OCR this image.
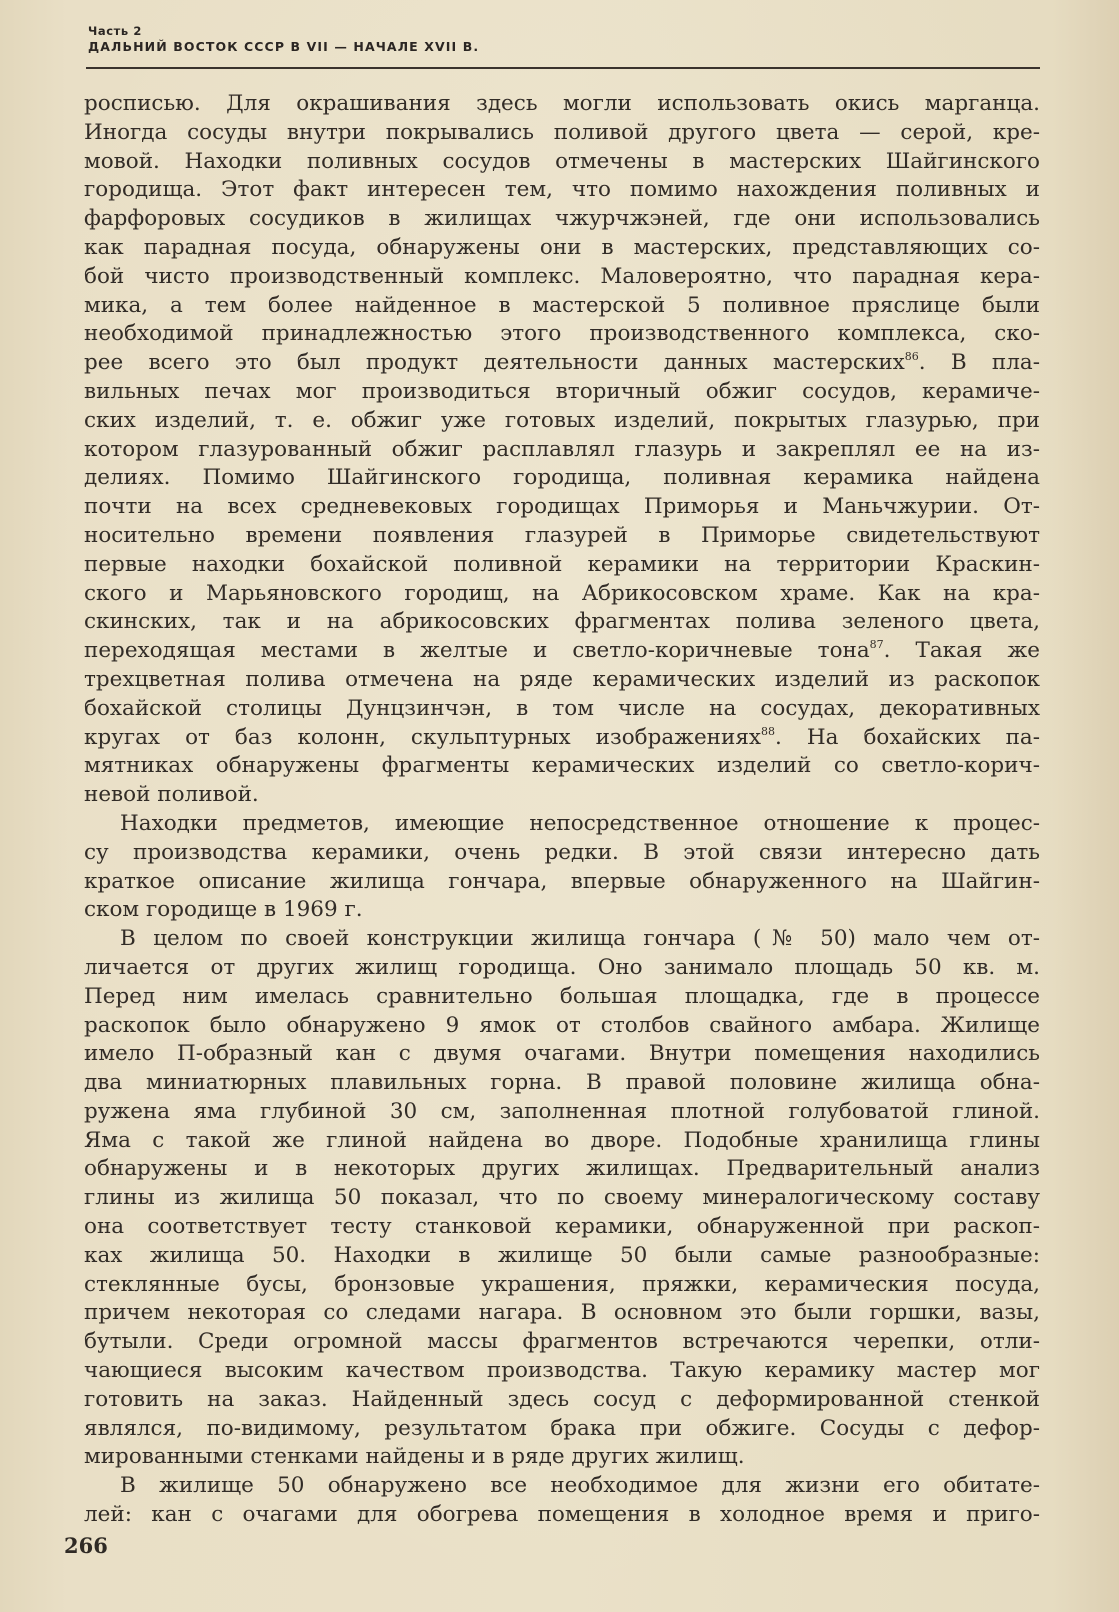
Часть 2
ДАЛЬНИЙ ВОСТОК СССР В VII — НАЧАЛЕ XVII В.
росписью. Для окрашивания здесь могли использовать окись марганца.
Иногда сосуды внутри покрывались поливой другого цвета — серой, кре-
мовой. Находки поливных сосудов отмечены в мастерских Шайгинского
городища. Этот факт интересен тем, что помимо нахождения поливных и
фарфоровых сосудиков в жилищах чжурчжэней, где они использовались
как парадная посуда, обнаружены они в мастерских, представляющих со-
бой чисто производственный комплекс. Маловероятно, что парадная кера-
мика, а тем более найденное в мастерской 5 поливное пряслице были
необходимой принадлежностью этого производственного комплекса, ско-
рее всего это был продукт деятельности данных мастерских$^{86}$. В пла-
вильных печах мог производиться вторичный обжиг сосудов, керамиче-
ских изделий, т. е. обжиг уже готовых изделий, покрытых глазурью, при
котором глазурованный обжиг расплавлял глазурь и закреплял ее на из-
делиях. Помимо Шайгинского городища, поливная керамика найдена
почти на всех средневековых городищах Приморья и Маньчжурии. От-
носительно времени появления глазурей в Приморье свидетельствуют
первые находки бохайской поливной керамики на территории Краскин-
ского и Марьяновского городищ, на Абрикосовском храме. Как на кра-
скинских, так и на абрикосовских фрагментах полива зеленого цвета,
переходящая местами в желтые и светло-коричневые тона$^{87}$. Такая же
трехцветная полива отмечена на ряде керамических изделий из раскопок
бохайской столицы Дунцзинчэн, в том числе на сосудах, декоративных
кругах от баз колонн, скульптурных изображениях$^{88}$. На бохайских па-
мятниках обнаружены фрагменты керамических изделий со светло-корич-
невой поливой.
Находки предметов, имеющие непосредственное отношение к процес-
су производства керамики, очень редки. В этой связи интересно дать
краткое описание жилища гончара, впервые обнаруженного на Шайгин-
ском городище в 1969 г.
В целом по своей конструкции жилища гончара (№ 50) мало чем от-
личается от других жилищ городища. Оно занимало площадь 50 кв. м.
Перед ним имелась сравнительно большая площадка, где в процессе
раскопок было обнаружено 9 ямок от столбов свайного амбара. Жилище
имело П-образный кан с двумя очагами. Внутри помещения находились
два миниатюрных плавильных горна. В правой половине жилища обна-
ружена яма глубиной 30 см, заполненная плотной голубоватой глиной.
Яма с такой же глиной найдена во дворе. Подобные хранилища глины
обнаружены и в некоторых других жилищах. Предварительный анализ
глины из жилища 50 показал, что по своему минералогическому составу
она соответствует тесту станковой керамики, обнаруженной при раскоп-
ках жилища 50. Находки в жилище 50 были самые разнообразные:
стеклянные бусы, бронзовые украшения, пряжки, керамическия посуда,
причем некоторая со следами нагара. В основном это были горшки, вазы,
бутыли. Среди огромной массы фрагментов встречаются черепки, отли-
чающиеся высоким качеством производства. Такую керамику мастер мог
готовить на заказ. Найденный здесь сосуд с деформированной стенкой
являлся, по-видимому, результатом брака при обжиге. Сосуды с дефор-
мированными стенками найдены и в ряде других жилищ.
В жилище 50 обнаружено все необходимое для жизни его обитате-
лей: кан с очагами для обогрева помещения в холодное время и приго-
266
